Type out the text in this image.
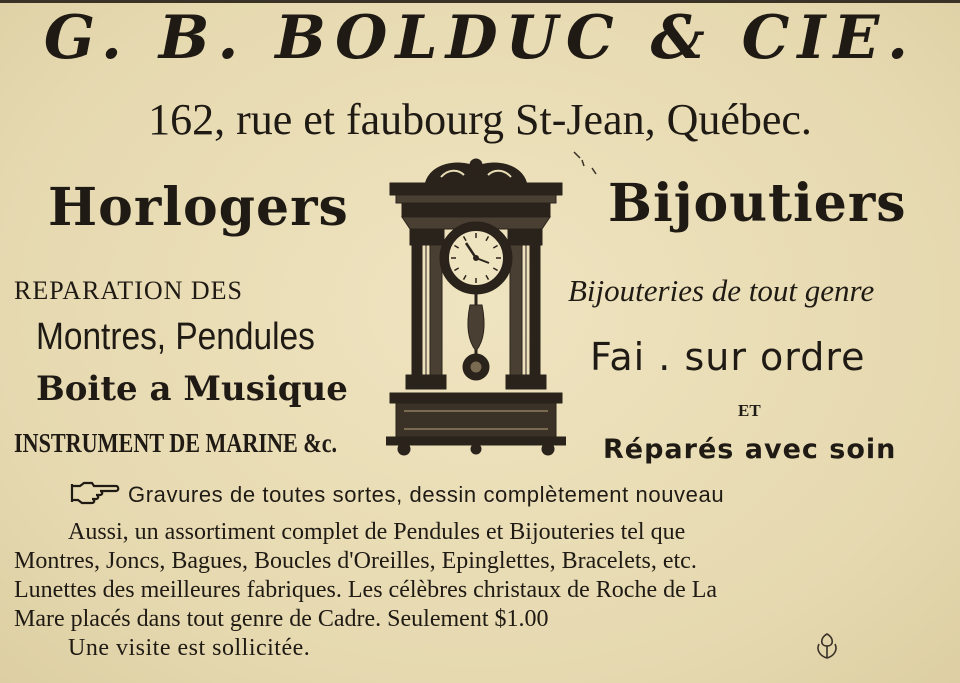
G. B. BOLDUC & CIE.

162, rue et faubourg St-Jean, Québec.

Horlogers	Bijoutiers

REPARATION DES

Montres, Pendules

Boite a Musique

INSTRUMENT DE MARINE &c.

Bijouteries de tout genre

Fai . sur ordre

ET

Réparés avec soin

Gravures de toutes sortes, dessin complètement nouveau

Aussi, un assortiment complet de Pendules et Bijouteries tel que
Montres, Joncs, Bagues, Boucles d'Oreilles, Epinglettes, Bracelets, etc.
Lunettes des meilleures fabriques. Les célèbres christaux de Roche de La
Mare placés dans tout genre de Cadre. Seulement $1.00

Une visite est sollicitée.
